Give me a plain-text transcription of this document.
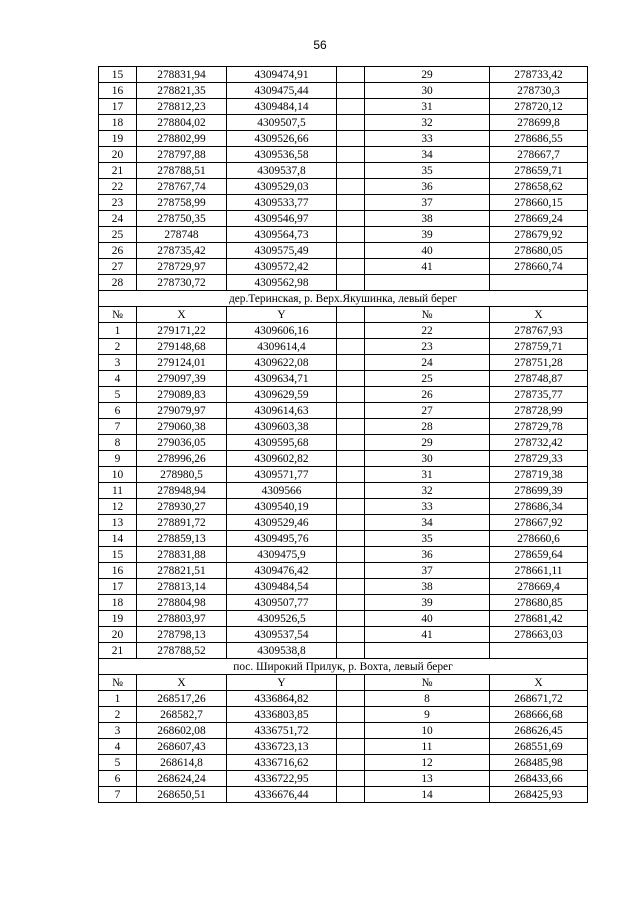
56
15	278831,94	4309474,91		29	278733,42	
16	278821,35	4309475,44		30	278730,3	
17	278812,23	4309484,14		31	278720,12	
18	278804,02	4309507,5		32	278699,8	
19	278802,99	4309526,66		33	278686,55	
20	278797,88	4309536,58		34	278667,7	
21	278788,51	4309537,8		35	278659,71	
22	278767,74	4309529,03		36	278658,62	
23	278758,99	4309533,77		37	278660,15	
24	278750,35	4309546,97		38	278669,24	
25	278748	4309564,73		39	278679,92	
26	278735,42	4309575,49		40	278680,05	
27	278729,97	4309572,42		41	278660,74	
28	278730,72	4309562,98				
дер.Теринская, р. Верх.Якушинка, левый берег						
№	X	Y		№	X	
1	279171,22	4309606,16		22	278767,93	
2	279148,68	4309614,4		23	278759,71	
3	279124,01	4309622,08		24	278751,28	
4	279097,39	4309634,71		25	278748,87	
5	279089,83	4309629,59		26	278735,77	
6	279079,97	4309614,63		27	278728,99	
7	279060,38	4309603,38		28	278729,78	
8	279036,05	4309595,68		29	278732,42	
9	278996,26	4309602,82		30	278729,33	
10	278980,5	4309571,77		31	278719,38	
11	278948,94	4309566		32	278699,39	
12	278930,27	4309540,19		33	278686,34	
13	278891,72	4309529,46		34	278667,92	
14	278859,13	4309495,76		35	278660,6	
15	278831,88	4309475,9		36	278659,64	
16	278821,51	4309476,42		37	278661,11	
17	278813,14	4309484,54		38	278669,4	
18	278804,98	4309507,77		39	278680,85	
19	278803,97	4309526,5		40	278681,42	
20	278798,13	4309537,54		41	278663,03	
21	278788,52	4309538,8				
пос. Широкий Прилук, р. Вохта, левый берег						
№	X	Y		№	X	
1	268517,26	4336864,82		8	268671,72	
2	268582,7	4336803,85		9	268666,68	
3	268602,08	4336751,72		10	268626,45	
4	268607,43	4336723,13		11	268551,69	
5	268614,8	4336716,62		12	268485,98	
6	268624,24	4336722,95		13	268433,66	
7	268650,51	4336676,44		14	268425,93	
